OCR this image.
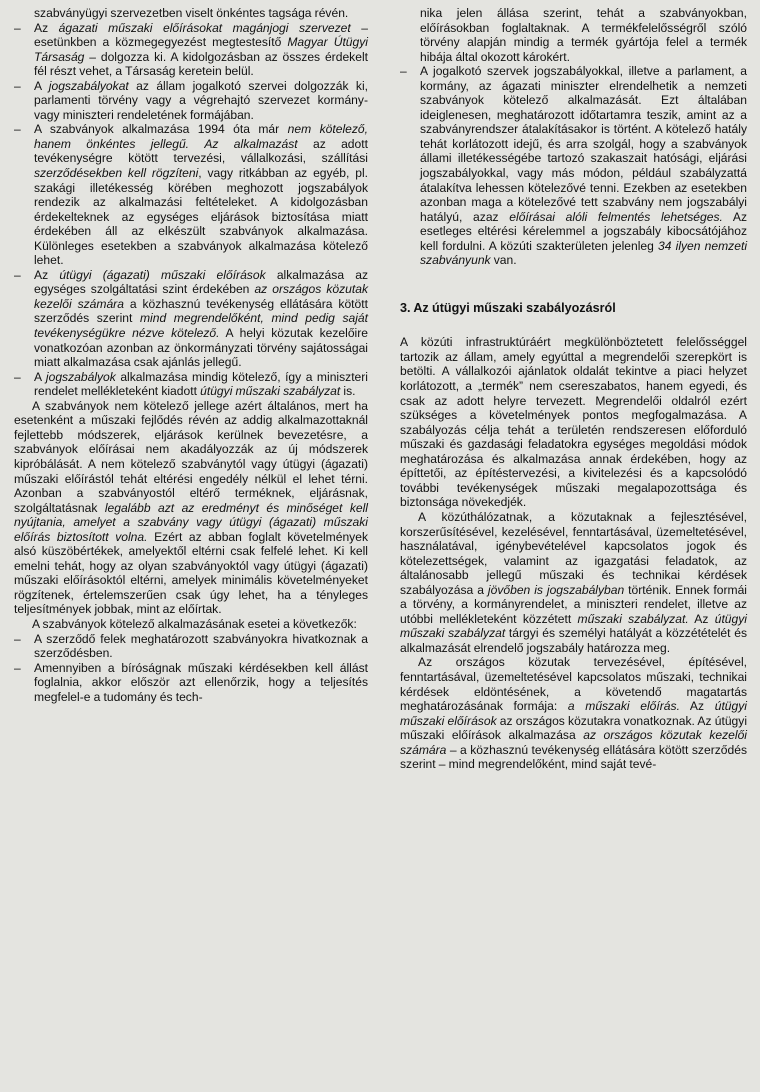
szabványügyi szervezetben viselt önkéntes tagsága révén.
–	Az ágazati műszaki előírásokat magánjogi szervezet – esetünkben a közmegegyezést megtestesítő Magyar Útügyi Társaság – dolgozza ki. A kidolgozásban az összes érdekelt fél részt vehet, a Társaság keretein belül.
–	A jogszabályokat az állam jogalkotó szervei dolgozzák ki, parlamenti törvény vagy a végrehajtó szervezet kormány- vagy miniszteri rendeletének formájában.
–	A szabványok alkalmazása 1994 óta már nem kötelező, hanem önkéntes jellegű. Az alkalmazást az adott tevékenységre kötött tervezési, vállalkozási, szállítási szerződésekben kell rögzíteni, vagy ritkábban az egyéb, pl. szakági illetékesség körében meghozott jogszabályok rendezik az alkalmazási feltételeket. A kidolgozásban érdekelteknek az egységes eljárások biztosítása miatt érdekében áll az elkészült szabványok alkalmazása. Különleges esetekben a szabványok alkalmazása kötelező lehet.
–	Az útügyi (ágazati) műszaki előírások alkalmazása az egységes szolgáltatási szint érdekében az országos közutak kezelői számára a közhasznú tevékenység ellátására kötött szerződés szerint mind megrendelőként, mind pedig saját tevékenységükre nézve kötelező. A helyi közutak kezelőire vonatkozóan azonban az önkormányzati törvény sajátosságai miatt alkalmazása csak ajánlás jellegű.
–	A jogszabályok alkalmazása mindig kötelező, így a miniszteri rendelet mellékleteként kiadott útügyi műszaki szabályzat is.

A szabványok nem kötelező jellege azért általános, mert ha esetenként a műszaki fejlődés révén az addig alkalmazottaknál fejlettebb módszerek, eljárások kerülnek bevezetésre, a szabványok előírásai nem akadályozzák az új módszerek kipróbálását. A nem kötelező szabványtól vagy útügyi (ágazati) műszaki előírástól tehát eltérési engedély nélkül el lehet térni. Azonban a szabványostól eltérő terméknek, eljárásnak, szolgáltatásnak legalább azt az eredményt és minőséget kell nyújtania, amelyet a szabvány vagy útügyi (ágazati) műszaki előírás biztosított volna. Ezért az abban foglalt követelmények alsó küszöbértékek, amelyektől eltérni csak felfelé lehet. Ki kell emelni tehát, hogy az olyan szabványoktól vagy útügyi (ágazati) műszaki előírásoktól eltérni, amelyek minimális követelményeket rögzítenek, értelemszerűen csak úgy lehet, ha a tényleges teljesítmények jobbak, mint az előírtak.

A szabványok kötelező alkalmazásának esetei a következők:

–	A szerződő felek meghatározott szabványokra hivatkoznak a szerződésben.
–	Amennyiben a bíróságnak műszaki kérdésekben kell állást foglalnia, akkor először azt ellenőrzik, hogy a teljesítés megfelel-e a tudomány és tech-
nika jelen állása szerint, tehát a szabványokban, előírásokban foglaltaknak. A termékfelelősségről szóló törvény alapján mindig a termék gyártója felel a termék hibája által okozott károkért.
–	A jogalkotó szervek jogszabályokkal, illetve a parlament, a kormány, az ágazati miniszter elrendelhetik a nemzeti szabványok kötelező alkalmazását. Ezt általában ideiglenesen, meghatározott időtartamra teszik, amint az a szabványrendszer átalakításakor is történt. A kötelező hatály tehát korlátozott idejű, és arra szolgál, hogy a szabványok állami illetékességébe tartozó szakaszait hatósági, eljárási jogszabályokkal, vagy más módon, például szabályzattá átalakítva lehessen kötelezővé tenni. Ezekben az esetekben azonban maga a kötelezővé tett szabvány nem jogszabályi hatályú, azaz előírásai alóli felmentés lehetséges. Az esetleges eltérési kérelemmel a jogszabály kibocsátójához kell fordulni. A közúti szakterületen jelenleg 34 ilyen nemzeti szabványunk van.
3. Az útügyi műszaki szabályozásról

A közúti infrastruktúráért megkülönböztetett felelősséggel tartozik az állam, amely egyúttal a megrendelői szerepkört is betölti. A vállalkozói ajánlatok oldalát tekintve a piaci helyzet korlátozott, a „termék” nem csereszabatos, hanem egyedi, és csak az adott helyre tervezett. Megrendelői oldalról ezért szükséges a követelmények pontos megfogalmazása. A szabályozás célja tehát a területén rendszeresen előforduló műszaki és gazdasági feladatokra egységes megoldási módok meghatározása és alkalmazása annak érdekében, hogy az építtetői, az építéstervezési, a kivitelezési és a kapcsolódó további tevékenységek műszaki megalapozottsága és biztonsága növekedjék.

A közúthálózatnak, a közutaknak a fejlesztésével, korszerűsítésével, kezelésével, fenntartásával, üzemeltetésével, használatával, igénybevételével kapcsolatos jogok és kötelezettségek, valamint az igazgatási feladatok, az általánosabb jellegű műszaki és technikai kérdések szabályozása a jövőben is jogszabályban történik. Ennek formái a törvény, a kormányrendelet, a miniszteri rendelet, illetve az utóbbi mellékleteként közzétett műszaki szabályzat. Az útügyi műszaki szabályzat tárgyi és személyi hatályát a közzétételét és alkalmazását elrendelő jogszabály határozza meg.

Az országos közutak tervezésével, építésével, fenntartásával, üzemeltetésével kapcsolatos műszaki, technikai kérdések eldöntésének, a követendő magatartás meghatározásának formája: a műszaki előírás. Az útügyi műszaki előírások az országos közutakra vonatkoznak. Az útügyi műszaki előírások alkalmazása az országos közutak kezelői számára – a közhasznú tevékenység ellátására kötött szerződés szerint – mind megrendelőként, mind saját tevé-
